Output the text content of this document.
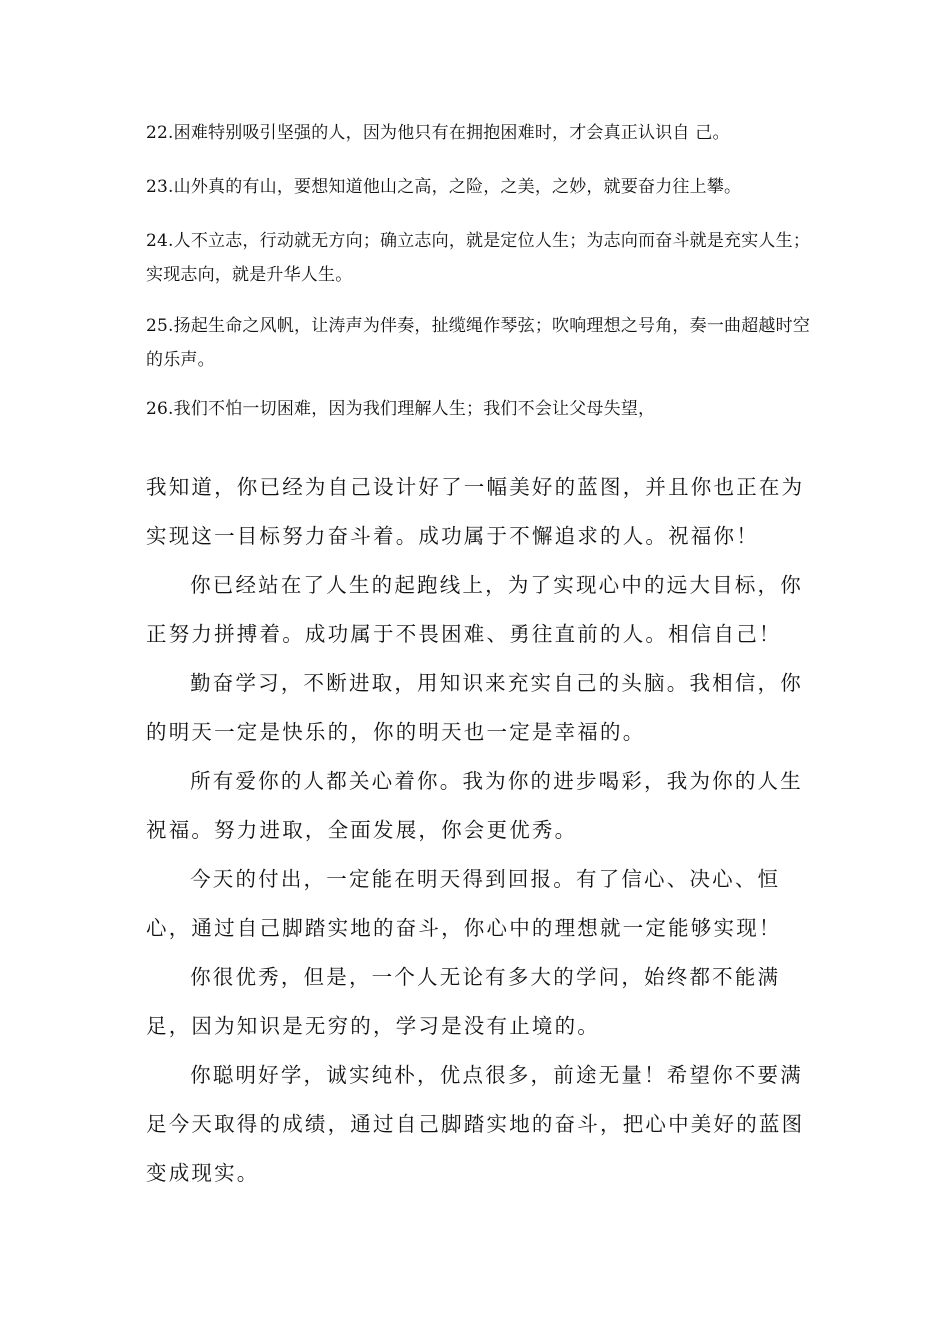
22.困难特别吸引坚强的人，因为他只有在拥抱困难时，才会真正认识自 己。

23.山外真的有山，要想知道他山之高，之险，之美，之妙，就要奋力往上攀。

24.人不立志，行动就无方向；确立志向，就是定位人生；为志向而奋斗就是充实人生；实现志向，就是升华人生。

25.扬起生命之风帆，让涛声为伴奏，扯缆绳作琴弦；吹响理想之号角，奏一曲超越时空的乐声。

26.我们不怕一切困难，因为我们理解人生；我们不会让父母失望，

我知道，你已经为自己设计好了一幅美好的蓝图，并且你也正在为实现这一目标努力奋斗着。成功属于不懈追求的人。祝福你！

你已经站在了人生的起跑线上，为了实现心中的远大目标，你正努力拼搏着。成功属于不畏困难、勇往直前的人。相信自己！

勤奋学习，不断进取，用知识来充实自己的头脑。我相信，你的明天一定是快乐的，你的明天也一定是幸福的。

所有爱你的人都关心着你。我为你的进步喝彩，我为你的人生祝福。努力进取，全面发展，你会更优秀。

今天的付出，一定能在明天得到回报。有了信心、决心、恒心，通过自己脚踏实地的奋斗，你心中的理想就一定能够实现！

你很优秀，但是，一个人无论有多大的学问，始终都不能满足，因为知识是无穷的，学习是没有止境的。

你聪明好学，诚实纯朴，优点很多，前途无量！希望你不要满足今天取得的成绩，通过自己脚踏实地的奋斗，把心中美好的蓝图变成现实。
